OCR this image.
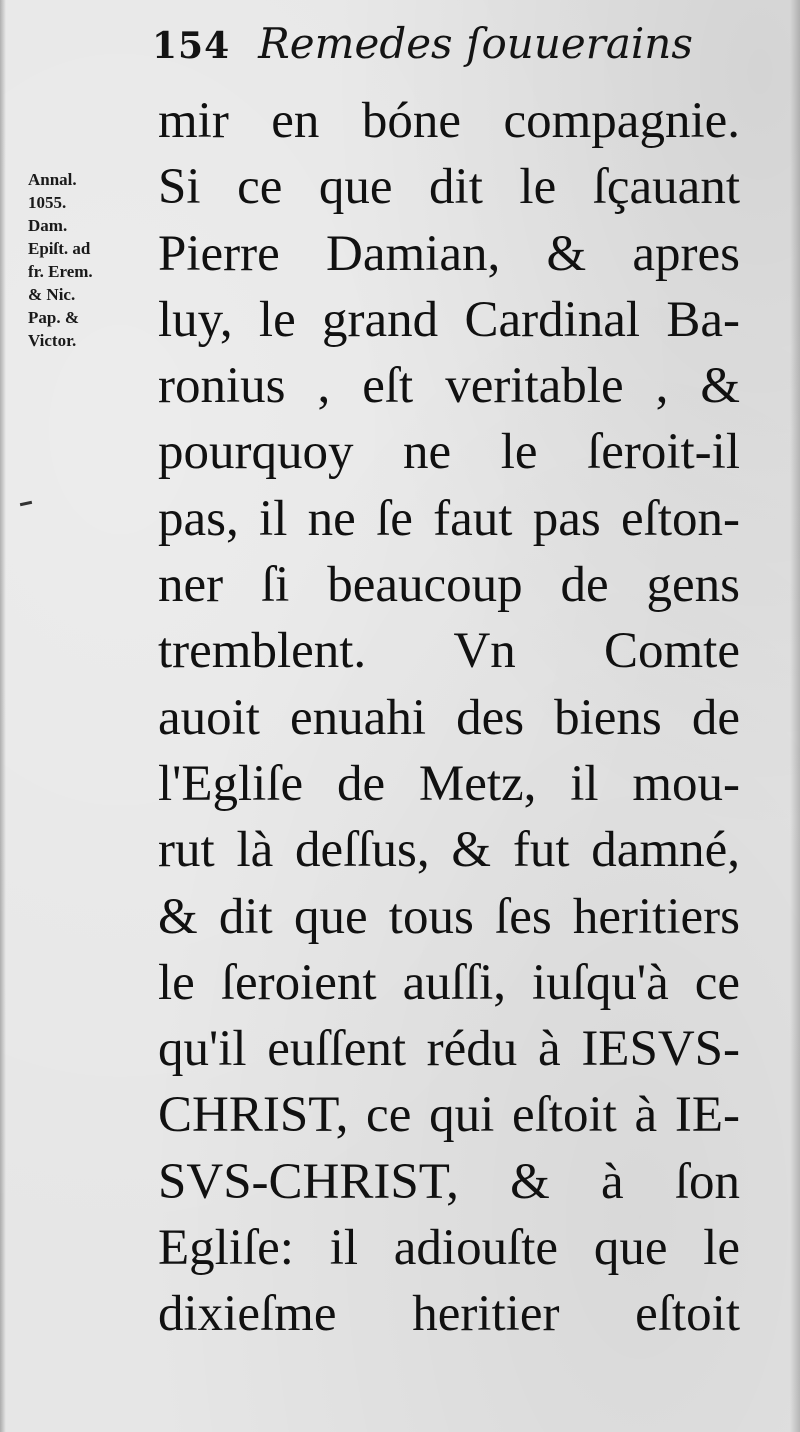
154 Remedes ſouuerains
Annal.
1055.
Dam.
Epiſt. ad
fr. Erem.
& Nic.
Pap. &
Victor.
mir en bóne compagnie.
Si ce que dit le ſçauant
Pierre Damian, & apres
luy, le grand Cardinal Ba-
ronius , eſt veritable , &
pourquoy ne le ſeroit-il
pas, il ne ſe faut pas eſton-
ner ſi beaucoup de gens
tremblent. Vn Comte
auoit enuahi des biens de
l'Egliſe de Metz, il mou-
rut là deſſus, & fut damné,
& dit que tous ſes heritiers
le ſeroient auſſi, iuſqu'à ce
qu'il euſſent rédu à IESVS-
CHRIST, ce qui eſtoit à IE-
SVS-CHRIST, & à ſon
Egliſe: il adiouſte que le
dixieſme heritier eſtoit
